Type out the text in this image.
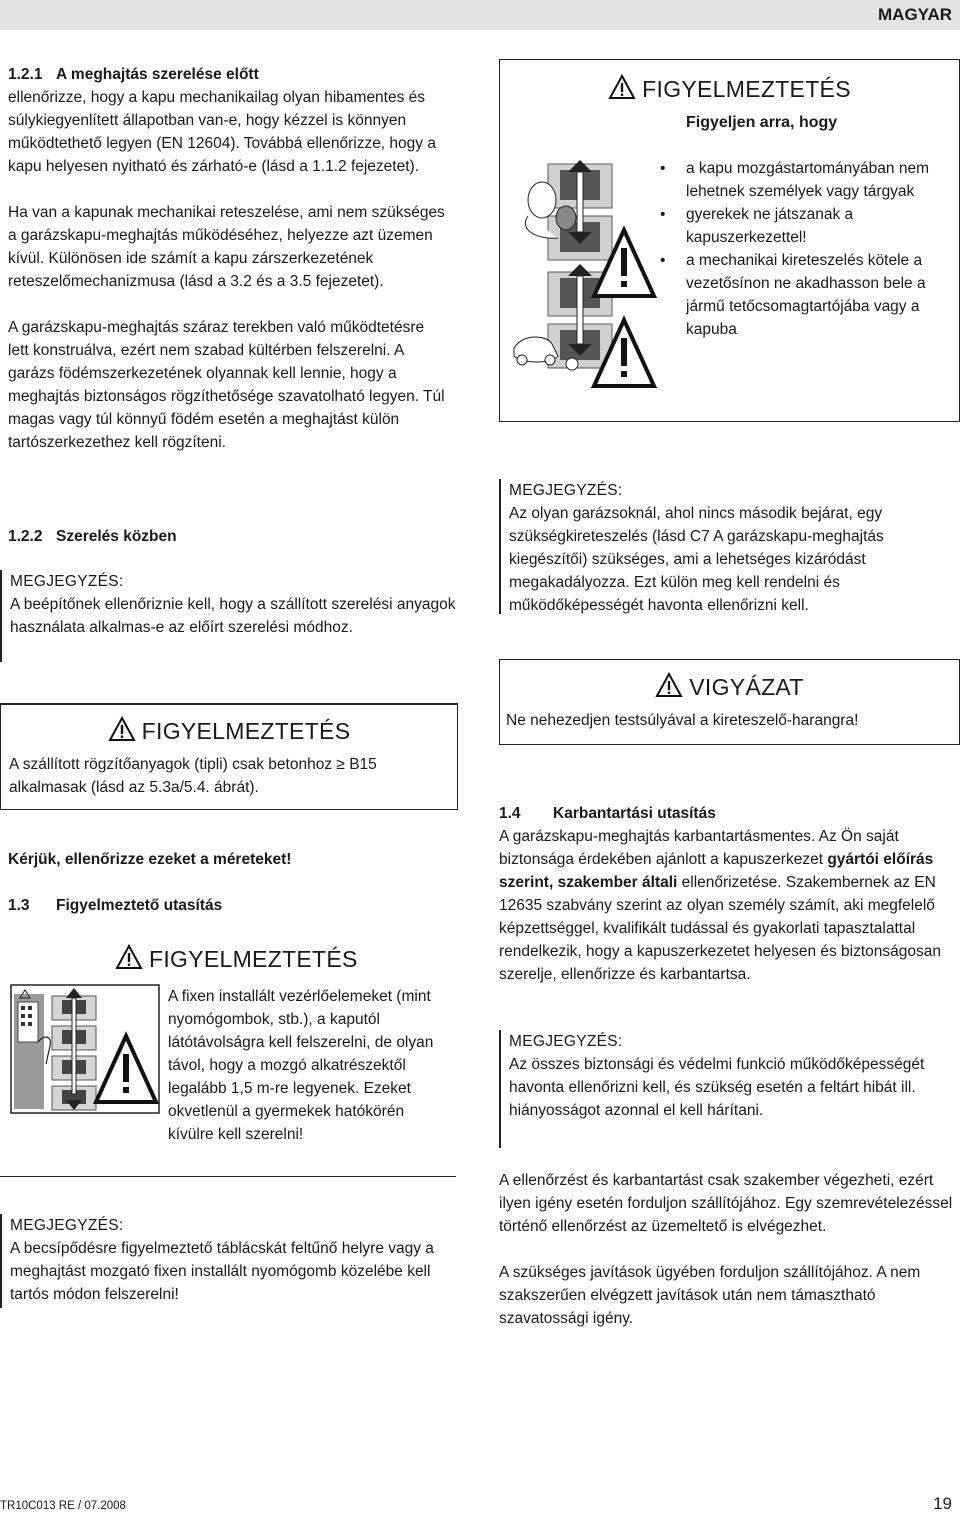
MAGYAR

1.2.1 A meghajtás szerelése előtt

ellenőrizze, hogy a kapu mechanikailag olyan hibamentes és súlykiegyenlített állapotban van-e, hogy kézzel is könnyen működtethető legyen (EN 12604). Továbbá ellenőrizze, hogy a kapu helyesen nyitható és zárható-e (lásd a 1.1.2 fejezetet).

Ha van a kapunak mechanikai reteszelése, ami nem szükséges a garázskapu-meghajtás működéséhez, helyezze azt üzemen kívül. Különösen ide számít a kapu zárszerkezetének reteszelőmechanizmusa (lásd a 3.2 és a 3.5 fejezetet).

A garázskapu-meghajtás száraz terekben való működtetésre lett konstruálva, ezért nem szabad kültérben felszerelni. A garázs födémszerkezetének olyannak kell lennie, hogy a meghajtás biztonságos rögzíthetősége szavatolható legyen. Túl magas vagy túl könnyű födém esetén a meghajtást külön tartószerkezethez kell rögzíteni.

1.2.2 Szerelés közben

MEGJEGYZÉS:

A beépítőnek ellenőriznie kell, hogy a szállított szerelési anyagok használata alkalmas-e az előírt szerelési módhoz.

FIGYELMEZTETÉS

A szállított rögzítőanyagok (tipli) csak betonhoz ≥ B15 alkalmasak (lásd az 5.3a/5.4. ábrát).

Kérjük, ellenőrizze ezeket a méreteket!

1.3 Figyelmeztető utasítás

FIGYELMEZTETÉS

A fixen installált vezérlőelemeket (mint nyomógombok, stb.), a kaputól látótávolságra kell felszerelni, de olyan távol, hogy a mozgó alkatrészektől legalább 1,5 m-re legyenek. Ezeket okvetlenül a gyermekek hatókörén kívülre kell szerelni!

MEGJEGYZÉS:

A becsípődésre figyelmeztető táblácskát feltűnő helyre vagy a meghajtást mozgató fixen installált nyomógomb közelébe kell tartós módon felszerelni!

FIGYELMEZTETÉS

Figyeljen arra, hogy

• a kapu mozgástartományában nem lehetnek személyek vagy tárgyak
• gyerekek ne játszanak a kapuszerkezettel!
• a mechanikai kireteszelés kötele a vezetősínon ne akadhasson bele a jármű tetőcsomagtartójába vagy a kapuba

MEGJEGYZÉS:

Az olyan garázsoknál, ahol nincs második bejárat, egy szükségkireteszelés (lásd C7 A garázskapu-meghajtás kiegészítői) szükséges, ami a lehetséges kizáródást megakadályozza. Ezt külön meg kell rendelni és működőképességét havonta ellenőrizni kell.

VIGYÁZAT

Ne nehezedjen testsúlyával a kireteszelő-harangra!

1.4 Karbantartási utasítás

A garázskapu-meghajtás karbantartásmentes. Az Ön saját biztonsága érdekében ajánlott a kapuszerkezet gyártói előírás szerint, szakember általi ellenőrizetése. Szakembernek az EN 12635 szabvány szerint az olyan személy számít, aki megfelelő képzettséggel, kvalifikált tudással és gyakorlati tapasztalattal rendelkezik, hogy a kapuszerkezetet helyesen és biztonságosan szerelje, ellenőrizze és karbantartsa.

MEGJEGYZÉS:

Az összes biztonsági és védelmi funkció működőképességét havonta ellenőrizni kell, és szükség esetén a feltárt hibát ill. hiányosságot azonnal el kell hárítani.

A ellenőrzést és karbantartást csak szakember végezheti, ezért ilyen igény esetén forduljon szállítójához. Egy szemrevételezéssel történő ellenőrzést az üzemeltető is elvégezhet.

A szükséges javítások ügyében forduljon szállítójához. A nem szakszerűen elvégzett javítások után nem támasztható szavatossági igény.

TR10C013 RE / 07.2008	19
